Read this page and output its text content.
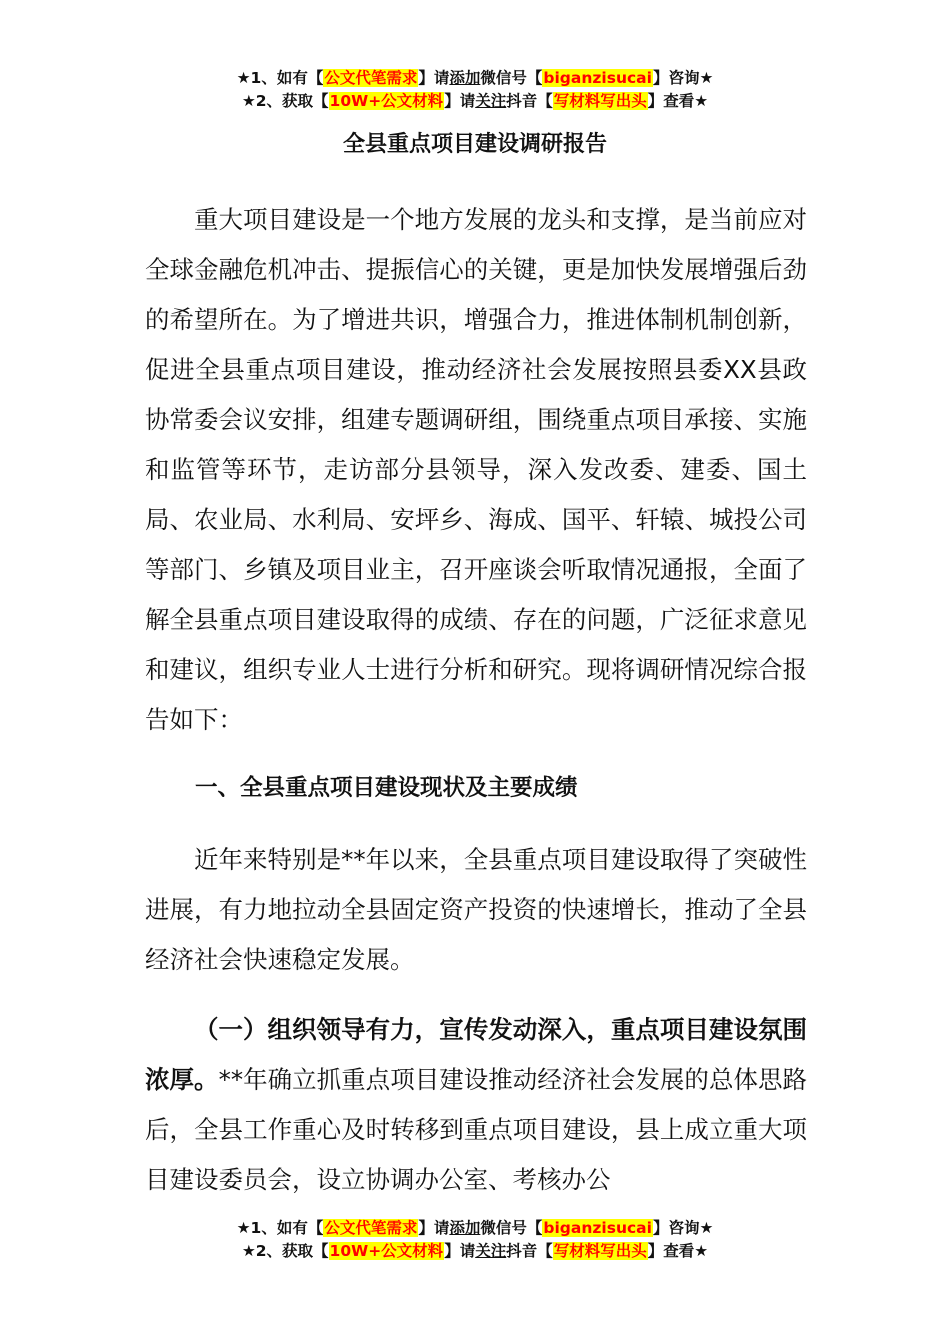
★1、如有【公文代笔需求】请添加微信号【biganzisucai】咨询★
★2、获取【10W+公文材料】请关注抖音【写材料写出头】查看★
全县重点项目建设调研报告

重大项目建设是一个地方发展的龙头和支撑，是当前应对全球金融危机冲击、提振信心的关键，更是加快发展增强后劲的希望所在。为了增进共识，增强合力，推进体制机制创新，促进全县重点项目建设，推动经济社会发展按照县委XX县政协常委会议安排，组建专题调研组，围绕重点项目承接、实施和监管等环节，走访部分县领导，深入发改委、建委、国土局、农业局、水利局、安坪乡、海成、国平、轩辕、城投公司等部门、乡镇及项目业主，召开座谈会听取情况通报，全面了解全县重点项目建设取得的成绩、存在的问题，广泛征求意见和建议，组织专业人士进行分析和研究。现将调研情况综合报告如下：

一、全县重点项目建设现状及主要成绩

近年来特别是**年以来，全县重点项目建设取得了突破性进展，有力地拉动全县固定资产投资的快速增长，推动了全县经济社会快速稳定发展。

（一）组织领导有力，宣传发动深入，重点项目建设氛围浓厚。**年确立抓重点项目建设推动经济社会发展的总体思路后，全县工作重心及时转移到重点项目建设，县上成立重大项目建设委员会，设立协调办公室、考核办公

★1、如有【公文代笔需求】请添加微信号【biganzisucai】咨询★
★2、获取【10W+公文材料】请关注抖音【写材料写出头】查看★
